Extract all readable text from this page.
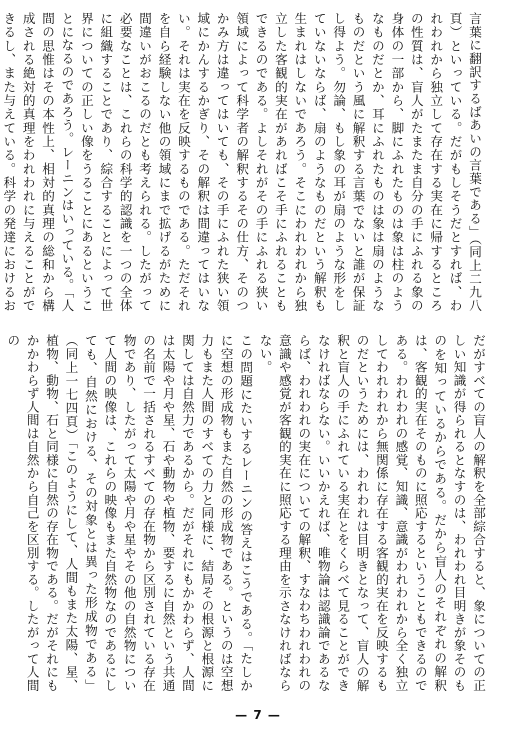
言葉に翻訳するばあいの言葉である」（同上二九八頁）といっている。だがもしそうだとすれば、われわれから独立して存在する実在に帰するところの性質は、盲人がたまたま自分の手にふれる象の身体の一部から、脚にふれたものは象は柱のようなものだとか、耳にふれたものは象は扇のようなものだという風に解釈する言葉でないと誰が保証し得よう。勿論、もし象の耳が扇のような形をしていないならば、扇のようなものだという解釈も生まれはしないであろう。そこにわれわれから独立した客観的実在があればこそ手にふれることもできるのである。よしそれがその手にふれる狭い領域によって科学者の解釈するその仕方、そのつかみ方は違ってはいても、その手にふれた狭い領域にかんするかぎり、その解釈は間違ってはいない。それは実在を反映するものである。ただそれを自ら経験しない他の領域にまで拡げるがために間違いがおこるのだとも考えられる。したがって必要なことは、これらの科学的認識を一つの全体に組織することであり、綜合することによって世界についての正しい像をうることにあるということになるのであろう。レーニンはいっている。「人間の思惟はその本性上、相対的真理の総和から構成される絶対的真理をわれわれに与えることができるし、また与えている。科学の発達におけるお

だがすべての盲人の解釈を全部綜合すると、象についての正しい知識が得られるとなすのは、われわれ目明きが象そのものを知っているからである。だから盲人のそれぞれの解釈は、客観的実在そのものに照応するということもできるのである。われわれの感覚、知識、意識がわれわれから全く独立してわれわれから無関係に存在する客観的実在を反映するものだというためには、われわれは目明きとなって、盲人の解釈と盲人の手にふれている実在とをくらべて見ることができなければならない。いいかえれば、唯物論は認識論であるならば、われわれの実在についての解釈、すなわちわれわれの意識や感覚が客観的実在に照応する理由を示さなければならない。

この問題にたいするレーニンの答えはこうである。「たしかに空想の形成物もまた自然の形成物である。というのは空想力もまた人間のすべての力と同様に、結局その根源と根源に関しては自然力であるから。だがそれにもかかわらず、人間は太陽や月や星、石や動物や植物、要するに自然という共通の名前で一括されるすべての存在物から区別されている存在物であり、したがって太陽や月や星やその他の自然物について人間の映像は、これらの映像もまた自然物なのであるにしても、自然における、その対象とは異った形成物である」（同上一七四頁）「このようにして、人間もまた太陽、星、植物、動物、石と同様に自然の存在物である。だがそれにもかかわらず人間は自然から自己を区別する。したがって人間の

— 7 —
